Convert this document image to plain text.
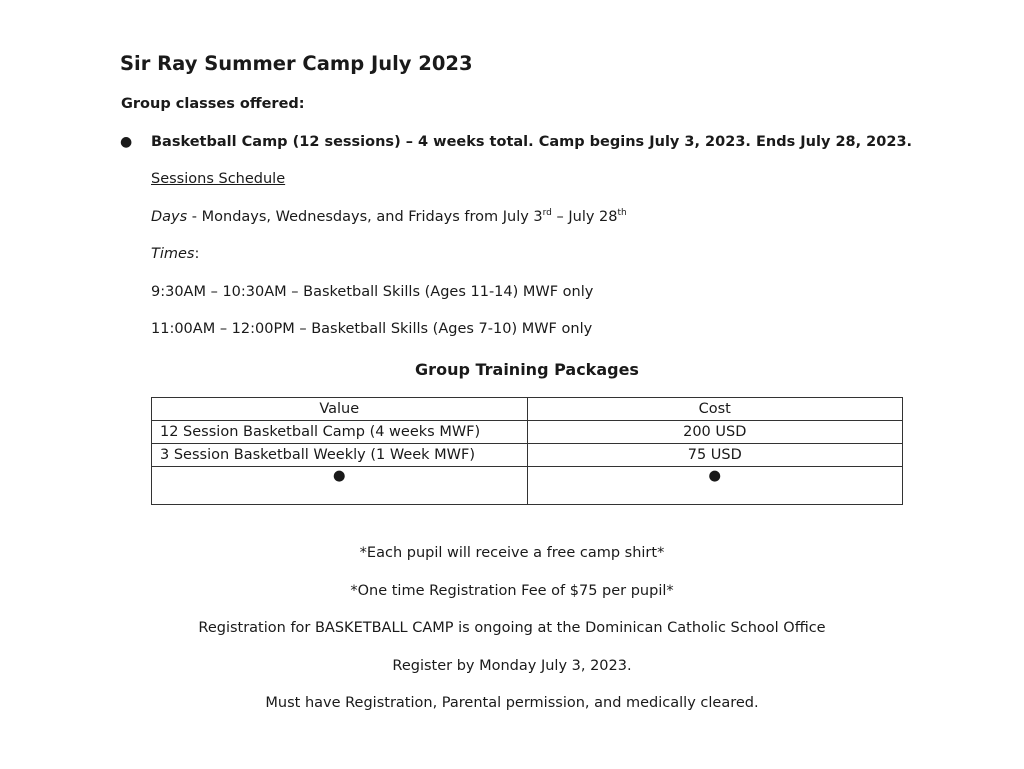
Sir Ray Summer Camp July 2023
Group classes offered:
● Basketball Camp (12 sessions) – 4 weeks total. Camp begins July 3, 2023. Ends July 28, 2023.
Sessions Schedule
Days - Mondays, Wednesdays, and Fridays from July 3rd – July 28th
Times:
9:30AM – 10:30AM – Basketball Skills (Ages 11-14) MWF only
11:00AM – 12:00PM – Basketball Skills (Ages 7-10) MWF only
Group Training Packages
Value	Cost
12 Session Basketball Camp (4 weeks MWF)	200 USD
3 Session Basketball Weekly (1 Week MWF)	75 USD
●	●
*Each pupil will receive a free camp shirt*
*One time Registration Fee of $75 per pupil*
Registration for BASKETBALL CAMP is ongoing at the Dominican Catholic School Office
Register by Monday July 3, 2023.
Must have Registration, Parental permission, and medically cleared.
